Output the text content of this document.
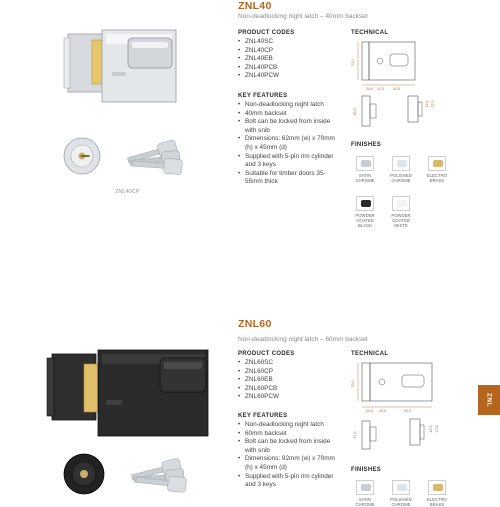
ZNL40CP
ZNL40
Non-deadlocking night latch – 40mm backset
PRODUCT CODES
• ZNL40SC
• ZNL40CP
• ZNL40EB
• ZNL40PCB
• ZNL40PCW
KEY FEATURES
• Non-deadlocking night latch
• 40mm backset
• Bolt can be locked from inside with snib
• Dimensions: 62mm (w) x 70mm (h) x 45mm (d)
• Supplied with 5-pin rim cylinder and 3 keys
• Suitable for timber doors 35-55mm thick
TECHNICAL
70.0
24.0 11.0	42.0
16.0
42.0 27.0
FINISHES
SATIN CHROME
POLISHED CHROME
ELECTRO BRASS
POWDER COATED BLACK
POWDER COATED WHITE
ZNL60
Non-deadlocking night latch – 60mm backset
PRODUCT CODES
• ZNL60SC
• ZNL60CP
• ZNL60EB
• ZNL60PCB
• ZNL60PCW
KEY FEATURES
• Non-deadlocking night latch
• 60mm backset
• Bolt can be locked from inside with snib
• Dimensions: 92mm (w) x 70mm (h) x 45mm (d)
• Supplied with 5-pin rim cylinder and 3 keys
TECHNICAL
70.0
24.0 15.0	92.0
27.0
42.0 27.0
FINISHES
SATIN CHROME
POLISHED CHROME
ELECTRO BRASS
ZNL
